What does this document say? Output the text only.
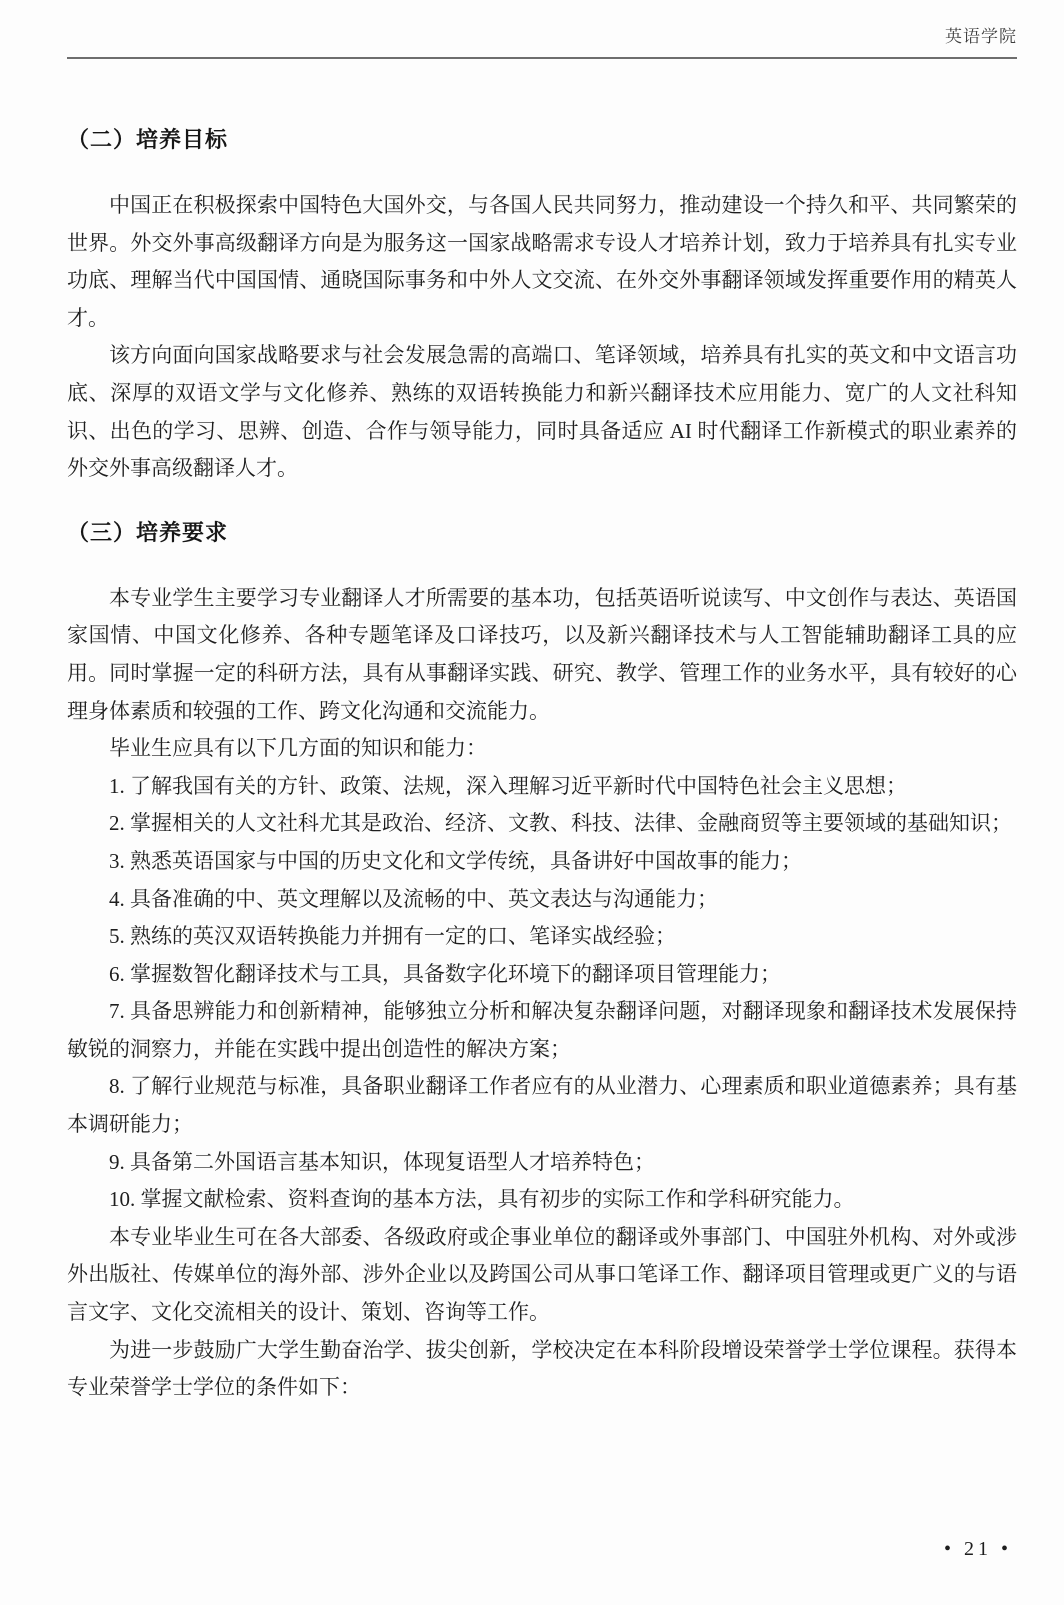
英语学院
（二）培养目标

中国正在积极探索中国特色大国外交，与各国人民共同努力，推动建设一个持久和平、共同繁荣的世界。外交外事高级翻译方向是为服务这一国家战略需求专设人才培养计划，致力于培养具有扎实专业功底、理解当代中国国情、通晓国际事务和中外人文交流、在外交外事翻译领域发挥重要作用的精英人才。

该方向面向国家战略要求与社会发展急需的高端口、笔译领域，培养具有扎实的英文和中文语言功底、深厚的双语文学与文化修养、熟练的双语转换能力和新兴翻译技术应用能力、宽广的人文社科知识、出色的学习、思辨、创造、合作与领导能力，同时具备适应 AI 时代翻译工作新模式的职业素养的外交外事高级翻译人才。

（三）培养要求

本专业学生主要学习专业翻译人才所需要的基本功，包括英语听说读写、中文创作与表达、英语国家国情、中国文化修养、各种专题笔译及口译技巧，以及新兴翻译技术与人工智能辅助翻译工具的应用。同时掌握一定的科研方法，具有从事翻译实践、研究、教学、管理工作的业务水平，具有较好的心理身体素质和较强的工作、跨文化沟通和交流能力。

毕业生应具有以下几方面的知识和能力：

1. 了解我国有关的方针、政策、法规，深入理解习近平新时代中国特色社会主义思想；

2. 掌握相关的人文社科尤其是政治、经济、文教、科技、法律、金融商贸等主要领域的基础知识；

3. 熟悉英语国家与中国的历史文化和文学传统，具备讲好中国故事的能力；

4. 具备准确的中、英文理解以及流畅的中、英文表达与沟通能力；

5. 熟练的英汉双语转换能力并拥有一定的口、笔译实战经验；

6. 掌握数智化翻译技术与工具，具备数字化环境下的翻译项目管理能力；

7. 具备思辨能力和创新精神，能够独立分析和解决复杂翻译问题，对翻译现象和翻译技术发展保持敏锐的洞察力，并能在实践中提出创造性的解决方案；

8. 了解行业规范与标准，具备职业翻译工作者应有的从业潜力、心理素质和职业道德素养；具有基本调研能力；

9. 具备第二外国语言基本知识，体现复语型人才培养特色；

10. 掌握文献检索、资料查询的基本方法，具有初步的实际工作和学科研究能力。

本专业毕业生可在各大部委、各级政府或企事业单位的翻译或外事部门、中国驻外机构、对外或涉外出版社、传媒单位的海外部、涉外企业以及跨国公司从事口笔译工作、翻译项目管理或更广义的与语言文字、文化交流相关的设计、策划、咨询等工作。

为进一步鼓励广大学生勤奋治学、拔尖创新，学校决定在本科阶段增设荣誉学士学位课程。获得本专业荣誉学士学位的条件如下：

• 21 •
